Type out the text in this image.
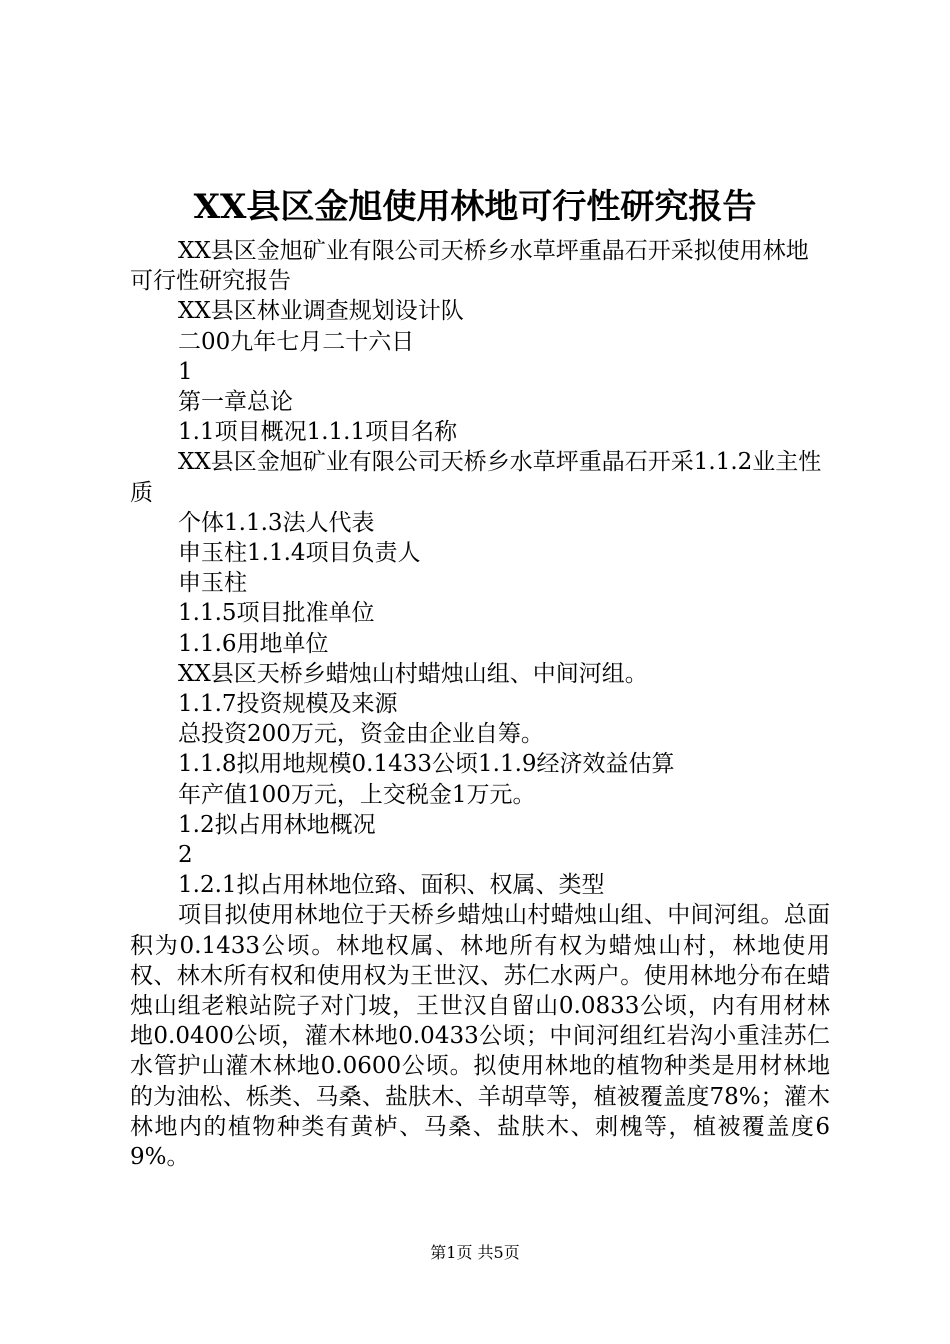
XX县区金旭使用林地可行性研究报告

XX县区金旭矿业有限公司天桥乡水草坪重晶石开采拟使用林地可行性研究报告

XX县区林业调查规划设计队

二00九年七月二十六日

1

第一章总论

1.1项目概况1.1.1项目名称

XX县区金旭矿业有限公司天桥乡水草坪重晶石开采1.1.2业主性质

个体1.1.3法人代表

申玉柱1.1.4项目负责人

申玉柱

1.1.5项目批准单位

1.1.6用地单位

XX县区天桥乡蜡烛山村蜡烛山组、中间河组。

1.1.7投资规模及来源

总投资200万元，资金由企业自筹。

1.1.8拟用地规模0.1433公顷1.1.9经济效益估算

年产值100万元，上交税金1万元。

1.2拟占用林地概况

2

1.2.1拟占用林地位臵、面积、权属、类型

项目拟使用林地位于天桥乡蜡烛山村蜡烛山组、中间河组。总面积为0.1433公顷。林地权属、林地所有权为蜡烛山村，林地使用权、林木所有权和使用权为王世汉、苏仁水两户。使用林地分布在蜡烛山组老粮站院子对门坡，王世汉自留山0.0833公顷，内有用材林地0.0400公顷，灌木林地0.0433公顷；中间河组红岩沟小重洼苏仁水管护山灌木林地0.0600公顷。拟使用林地的植物种类是用材林地的为油松、栎类、马桑、盐肤木、羊胡草等，植被覆盖度78%；灌木林地内的植物种类有黄栌、马桑、盐肤木、刺槐等，植被覆盖度69%。

第1页 共5页
